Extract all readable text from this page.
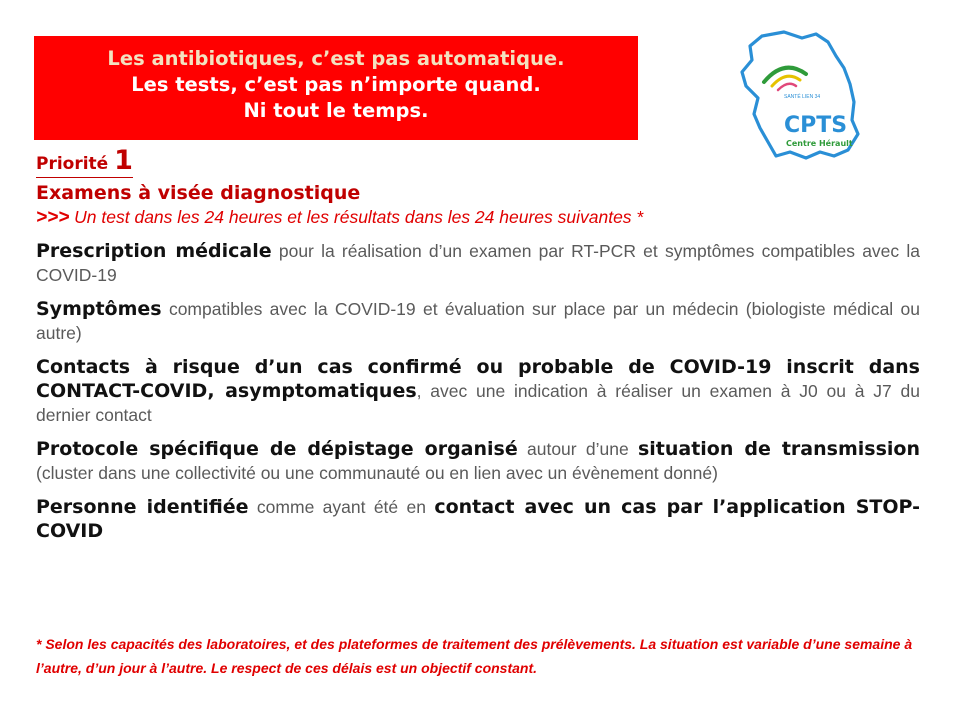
Les antibiotiques, c’est pas automatique.
Les tests, c’est pas n’importe quand.
Ni tout le temps.
SANTÉ LIEN 34
CPTS
Centre Hérault
Priorité 1
Examens à visée diagnostique
>>> Un test dans les 24 heures et les résultats dans les 24 heures suivantes *
Prescription médicale pour la réalisation d’un examen par RT-PCR et symptômes compatibles avec la COVID-19
Symptômes compatibles avec la COVID-19 et évaluation sur place par un médecin (biologiste médical ou autre)
Contacts à risque d’un cas confirmé ou probable de COVID-19 inscrit dans CONTACT-COVID, asymptomatiques, avec une indication à réaliser un examen à J0 ou à J7 du dernier contact
Protocole spécifique de dépistage organisé autour d’une situation de transmission (cluster dans une collectivité ou une communauté ou en lien avec un évènement donné)
Personne identifiée comme ayant été en contact avec un cas par l’application STOP-COVID
* Selon les capacités des laboratoires, et des plateformes de traitement des prélèvements. La situation est variable d’une semaine à l’autre, d’un jour à l’autre. Le respect de ces délais est un objectif constant.
